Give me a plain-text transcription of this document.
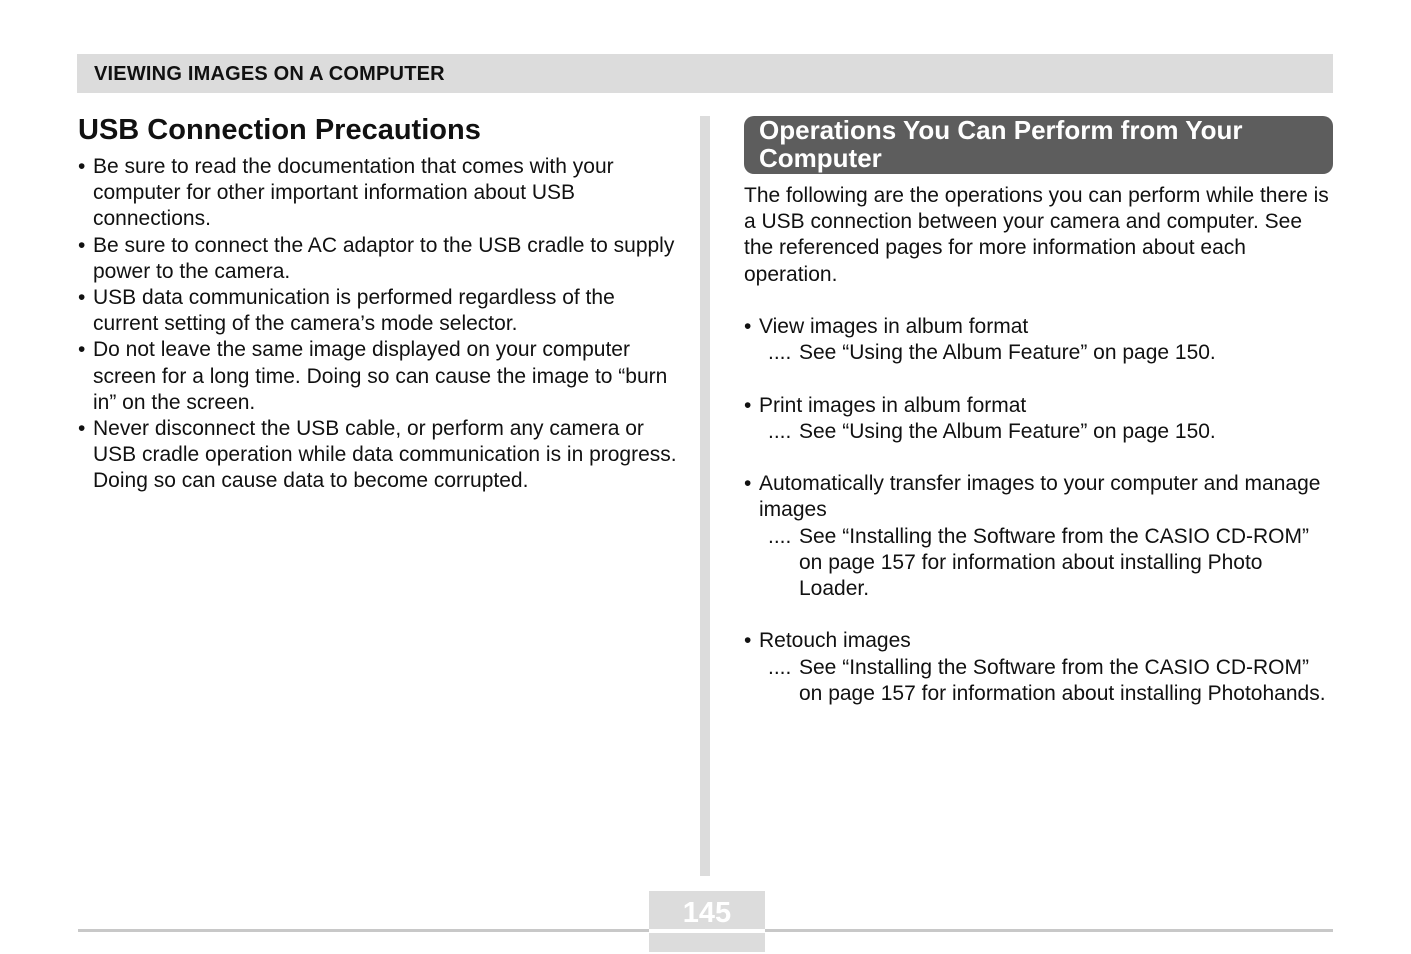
VIEWING IMAGES ON A COMPUTER
USB Connection Precautions
• Be sure to read the documentation that comes with your computer for other important information about USB connections.
• Be sure to connect the AC adaptor to the USB cradle to supply power to the camera.
• USB data communication is performed regardless of the current setting of the camera’s mode selector.
• Do not leave the same image displayed on your computer screen for a long time. Doing so can cause the image to “burn in” on the screen.
• Never disconnect the USB cable, or perform any camera or USB cradle operation while data communication is in progress. Doing so can cause data to become corrupted.
Operations You Can Perform from Your Computer

The following are the operations you can perform while there is a USB connection between your camera and computer. See the referenced pages for more information about each operation.

• View images in album format
.... See “Using the Album Feature” on page 150.
• Print images in album format
.... See “Using the Album Feature” on page 150.
• Automatically transfer images to your computer and manage images
.... See “Installing the Software from the CASIO CD-ROM” on page 157 for information about installing Photo Loader.
• Retouch images
.... See “Installing the Software from the CASIO CD-ROM” on page 157 for information about installing Photohands.
145
